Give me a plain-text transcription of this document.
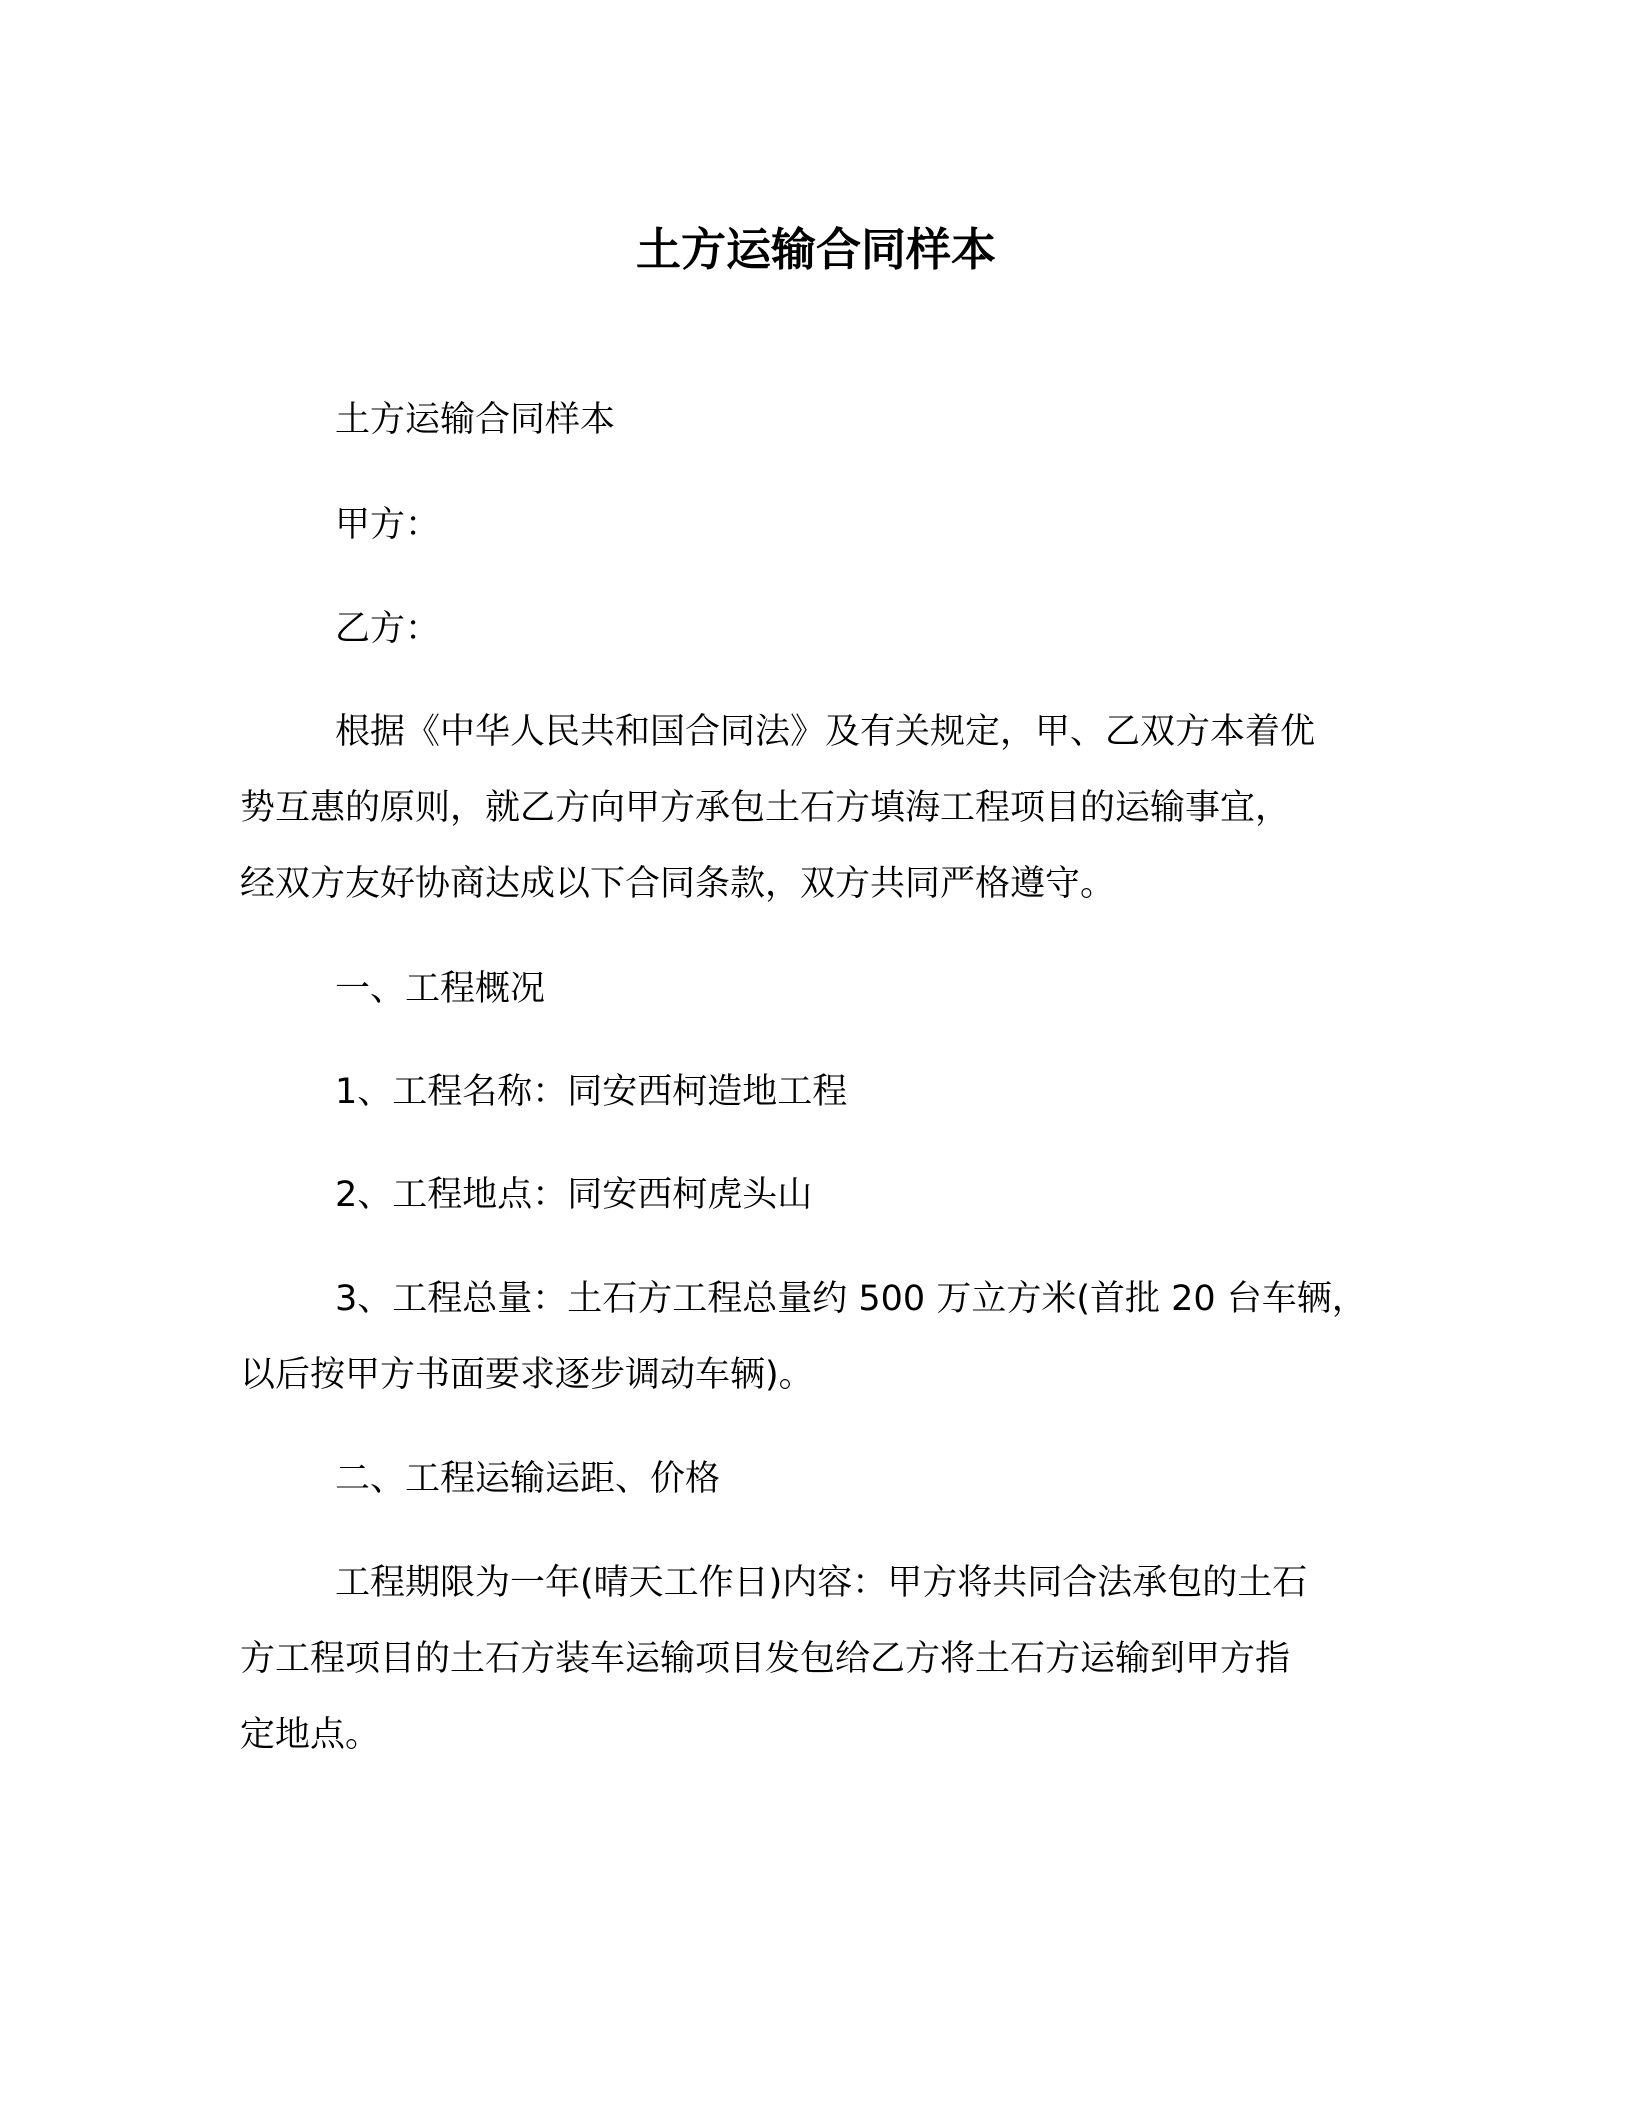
土方运输合同样本

土方运输合同样本

甲方：

乙方：

根据《中华人民共和国合同法》及有关规定，甲、乙双方本着优

势互惠的原则，就乙方向甲方承包土石方填海工程项目的运输事宜，

经双方友好协商达成以下合同条款，双方共同严格遵守。

一、工程概况

1、工程名称：同安西柯造地工程

2、工程地点：同安西柯虎头山

3、工程总量：土石方工程总量约 500 万立方米(首批 20 台车辆，

以后按甲方书面要求逐步调动车辆)。

二、工程运输运距、价格

工程期限为一年(晴天工作日)内容：甲方将共同合法承包的土石

方工程项目的土石方装车运输项目发包给乙方将土石方运输到甲方指

定地点。
